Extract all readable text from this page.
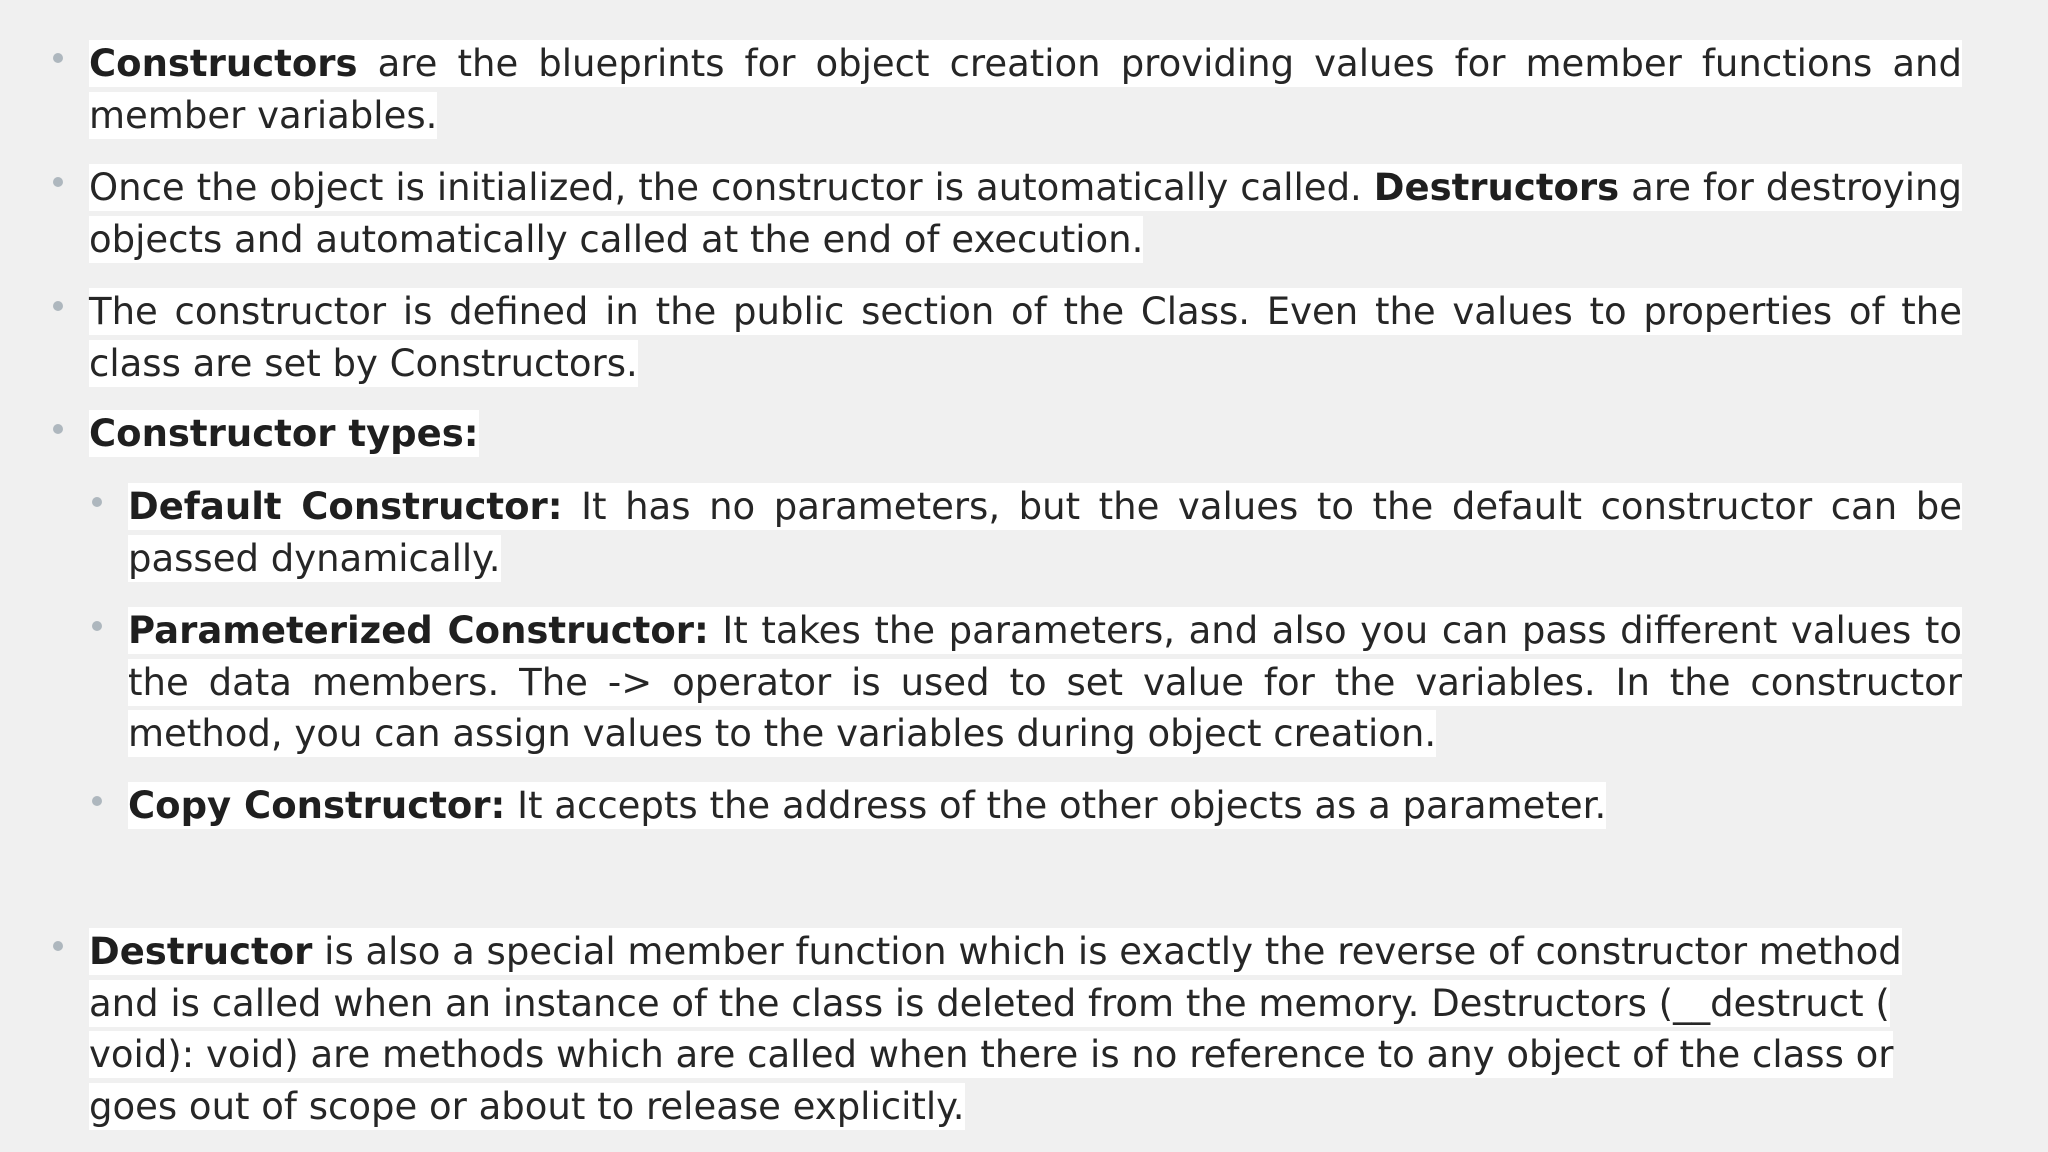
Constructors are the blueprints for object creation providing values for member functions and member variables.
Once the object is initialized, the constructor is automatically called. Destructors are for destroying objects and automatically called at the end of execution.
The constructor is defined in the public section of the Class. Even the values to properties of the class are set by Constructors.
Constructor types:
Default Constructor: It has no parameters, but the values to the default constructor can be passed dynamically.
Parameterized Constructor: It takes the parameters, and also you can pass different values to the data members. The -> operator is used to set value for the variables. In the constructor method, you can assign values to the variables during object creation.
Copy Constructor: It accepts the address of the other objects as a parameter.
Destructor is also a special member function which is exactly the reverse of constructor method and is called when an instance of the class is deleted from the memory. Destructors (__destruct ( void): void) are methods which are called when there is no reference to any object of the class or goes out of scope or about to release explicitly.
